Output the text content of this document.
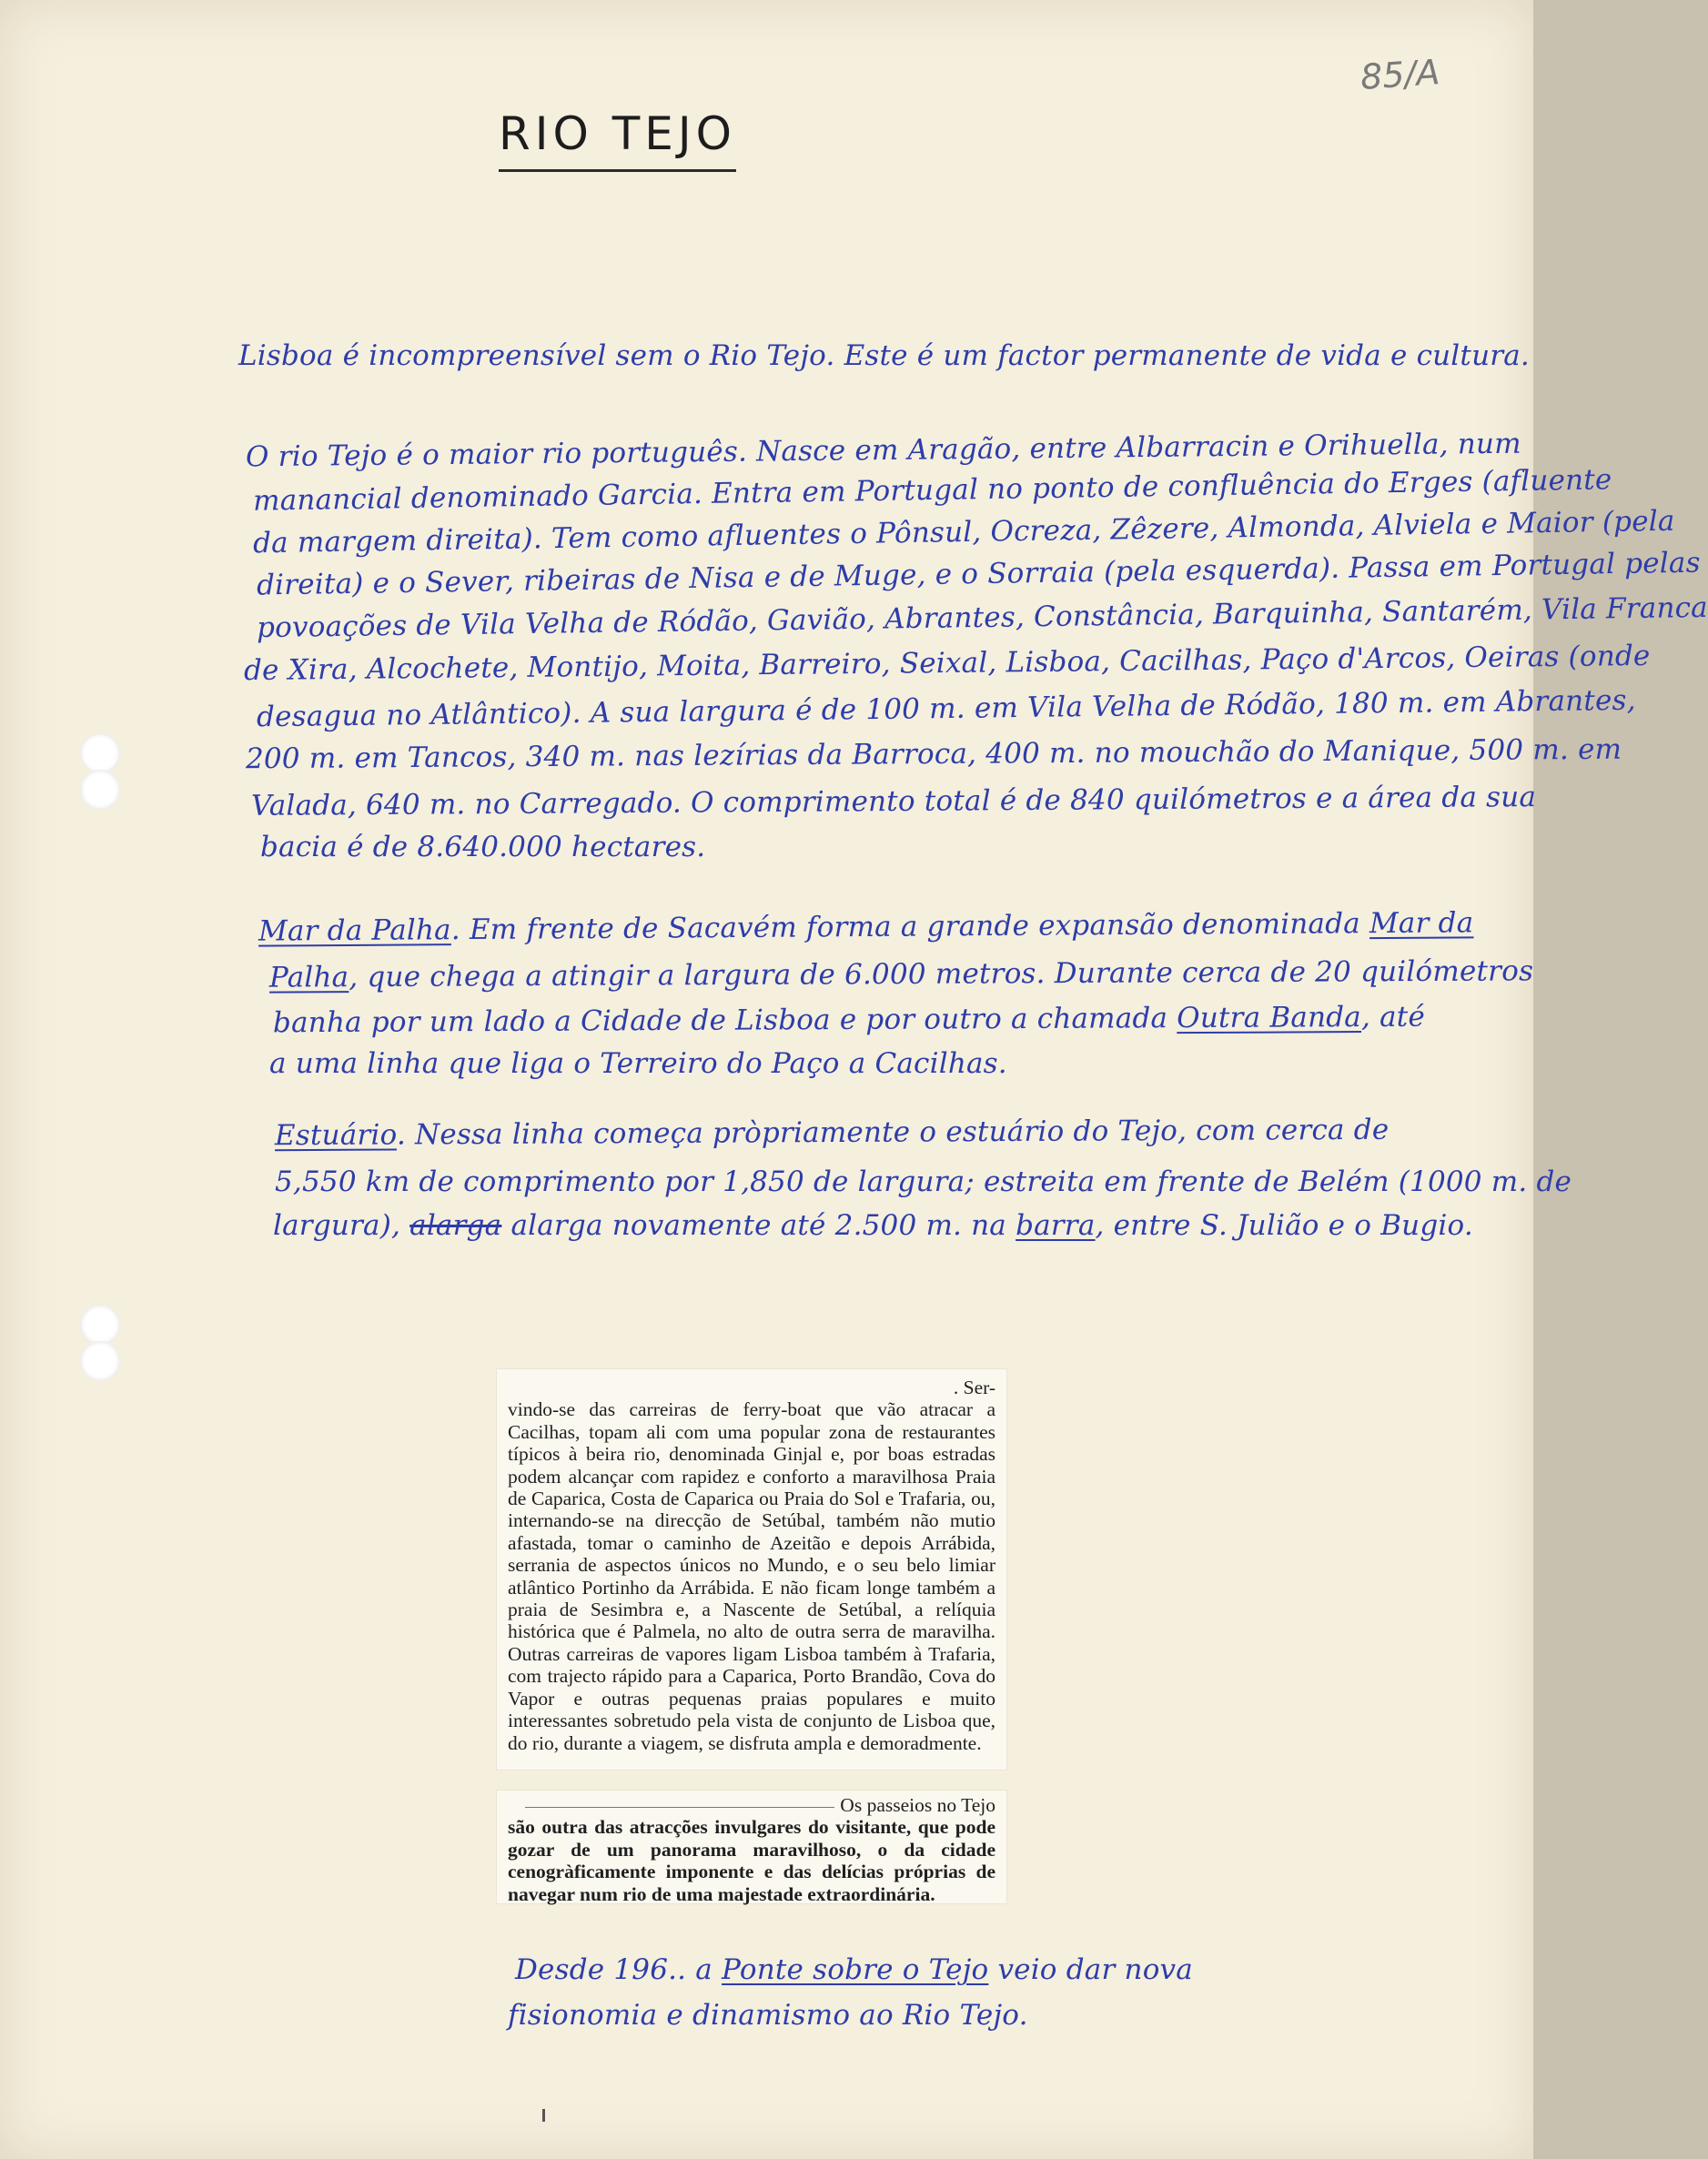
85/A
RIO TEJO
Lisboa é incompreensível sem o Rio Tejo. Este é um factor permanente de vida e cultura.
O rio Tejo é o maior rio português. Nasce em Aragão, entre Albarracin e Orihuella, num
manancial denominado Garcia. Entra em Portugal no ponto de confluência do Erges (afluente
da margem direita). Tem como afluentes o Pônsul, Ocreza, Zêzere, Almonda, Alviela e Maior (pela
direita) e o Sever, ribeiras de Nisa e de Muge, e o Sorraia (pela esquerda). Passa em Portugal pelas
povoações de Vila Velha de Ródão, Gavião, Abrantes, Constância, Barquinha, Santarém, Vila Franca
de Xira, Alcochete, Montijo, Moita, Barreiro, Seixal, Lisboa, Cacilhas, Paço d'Arcos, Oeiras (onde
desagua no Atlântico). A sua largura é de 100 m. em Vila Velha de Ródão, 180 m. em Abrantes,
200 m. em Tancos, 340 m. nas lezírias da Barroca, 400 m. no mouchão do Manique, 500 m. em
Valada, 640 m. no Carregado. O comprimento total é de 840 quilómetros e a área da sua
bacia é de 8.640.000 hectares.
Mar da Palha. Em frente de Sacavém forma a grande expansão denominada Mar da
Palha, que chega a atingir a largura de 6.000 metros. Durante cerca de 20 quilómetros
banha por um lado a Cidade de Lisboa e por outro a chamada Outra Banda, até
a uma linha que liga o Terreiro do Paço a Cacilhas.
Estuário. Nessa linha começa pròpriamente o estuário do Tejo, com cerca de
5,550 km de comprimento por 1,850 de largura; estreita em frente de Belém (1000 m. de
largura), alarga alarga novamente até 2.500 m. na barra, entre S. Julião e o Bugio.
. Ser-

vindo-se das carreiras de ferry-boat que vão atracar a Cacilhas, topam ali com uma popular zona de restaurantes típicos à beira rio, denominada Ginjal e, por boas estradas podem alcançar com rapidez e conforto a maravilhosa Praia de Caparica, Costa de Caparica ou Praia do Sol e Trafaria, ou, internando-se na direcção de Setúbal, também não mutio afastada, tomar o caminho de Azeitão e depois Arrábida, serrania de aspectos únicos no Mundo, e o seu belo limiar atlântico Portinho da Arrábida. E não ficam longe também a praia de Sesimbra e, a Nascente de Setúbal, a relíquia histórica que é Palmela, no alto de outra serra de maravilha. Outras carreiras de vapores ligam Lisboa também à Trafaria, com trajecto rápido para a Caparica, Porto Brandão, Cova do Vapor e outras pequenas praias populares e muito interessantes sobretudo pela vista de conjunto de Lisboa que, do rio, durante a viagem, se disfruta ampla e demoradmente.

Os passeios no Tejo

são outra das atracções invulgares do visitante, que pode gozar de um panorama maravilhoso, o da cidade cenogràficamente imponente e das delícias próprias de navegar num rio de uma majestade extraordinária.

Desde 196.. a Ponte sobre o Tejo veio dar nova
fisionomia e dinamismo ao Rio Tejo.
